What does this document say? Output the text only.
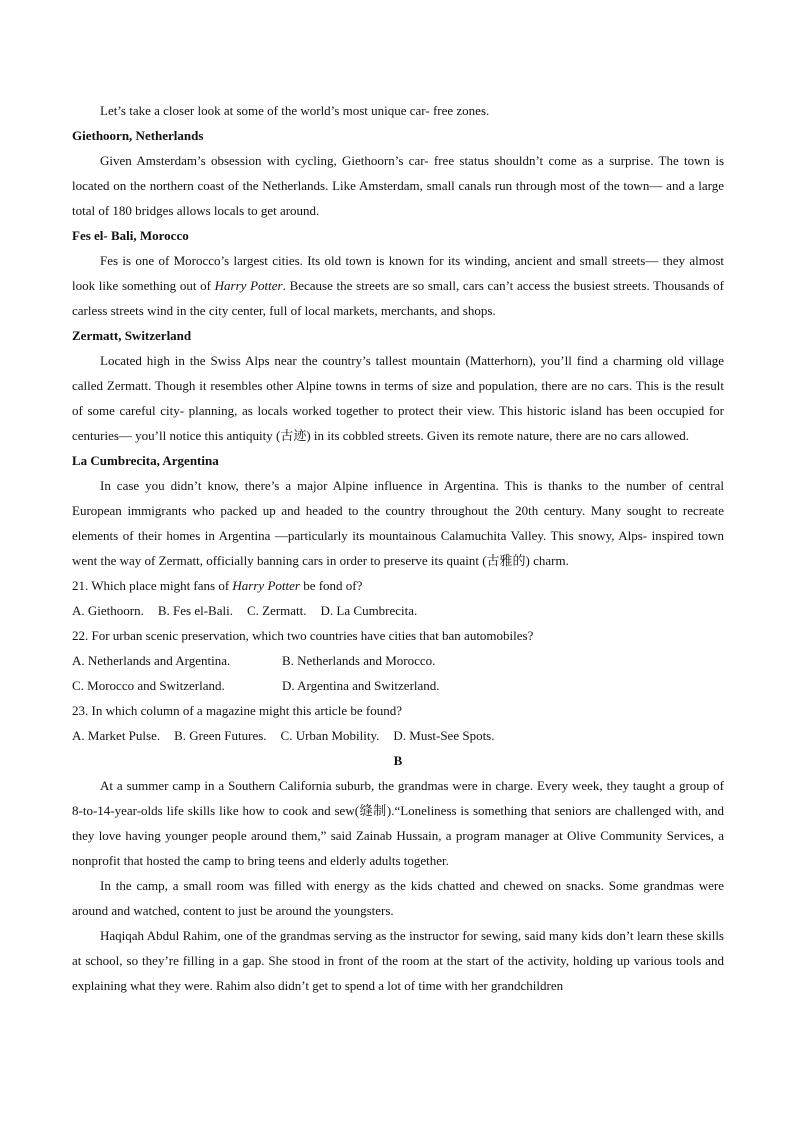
Let’s take a closer look at some of the world’s most unique car- free zones.

Giethoorn, Netherlands

Given Amsterdam’s obsession with cycling, Giethoorn’s car- free status shouldn’t come as a surprise. The town is located on the northern coast of the Netherlands. Like Amsterdam, small canals run through most of the town— and a large total of 180 bridges allows locals to get around.

Fes el- Bali, Morocco

Fes is one of Morocco’s largest cities. Its old town is known for its winding, ancient and small streets— they almost look like something out of Harry Potter. Because the streets are so small, cars can’t access the busiest streets. Thousands of carless streets wind in the city center, full of local markets, merchants, and shops.

Zermatt, Switzerland

Located high in the Swiss Alps near the country’s tallest mountain (Matterhorn), you’ll find a charming old village called Zermatt. Though it resembles other Alpine towns in terms of size and population, there are no cars. This is the result of some careful city- planning, as locals worked together to protect their view. This historic island has been occupied for centuries— you’ll notice this antiquity (古迹) in its cobbled streets. Given its remote nature, there are no cars allowed.

La Cumbrecita, Argentina

In case you didn’t know, there’s a major Alpine influence in Argentina. This is thanks to the number of central European immigrants who packed up and headed to the country throughout the 20th century. Many sought to recreate elements of their homes in Argentina —particularly its mountainous Calamuchita Valley. This snowy, Alps- inspired town went the way of Zermatt, officially banning cars in order to preserve its quaint (古雅的) charm.

21. Which place might fans of Harry Potter be fond of?

A. Giethoorn. B. Fes el-Bali. C. Zermatt. D. La Cumbrecita.

22. For urban scenic preservation, which two countries have cities that ban automobiles?

A. Netherlands and Argentina.	B. Netherlands and Morocco.
C. Morocco and Switzerland.	D. Argentina and Switzerland.

23. In which column of a magazine might this article be found?

A. Market Pulse. B. Green Futures. C. Urban Mobility. D. Must-See Spots.

B

At a summer camp in a Southern California suburb, the grandmas were in charge. Every week, they taught a group of 8-to-14-year-olds life skills like how to cook and sew(缝制).“Loneliness is something that seniors are challenged with, and they love having younger people around them,” said Zainab Hussain, a program manager at Olive Community Services, a nonprofit that hosted the camp to bring teens and elderly adults together.

In the camp, a small room was filled with energy as the kids chatted and chewed on snacks. Some grandmas were around and watched, content to just be around the youngsters.

Haqiqah Abdul Rahim, one of the grandmas serving as the instructor for sewing, said many kids don’t learn these skills at school, so they’re filling in a gap. She stood in front of the room at the start of the activity, holding up various tools and explaining what they were. Rahim also didn’t get to spend a lot of time with her grandchildren
